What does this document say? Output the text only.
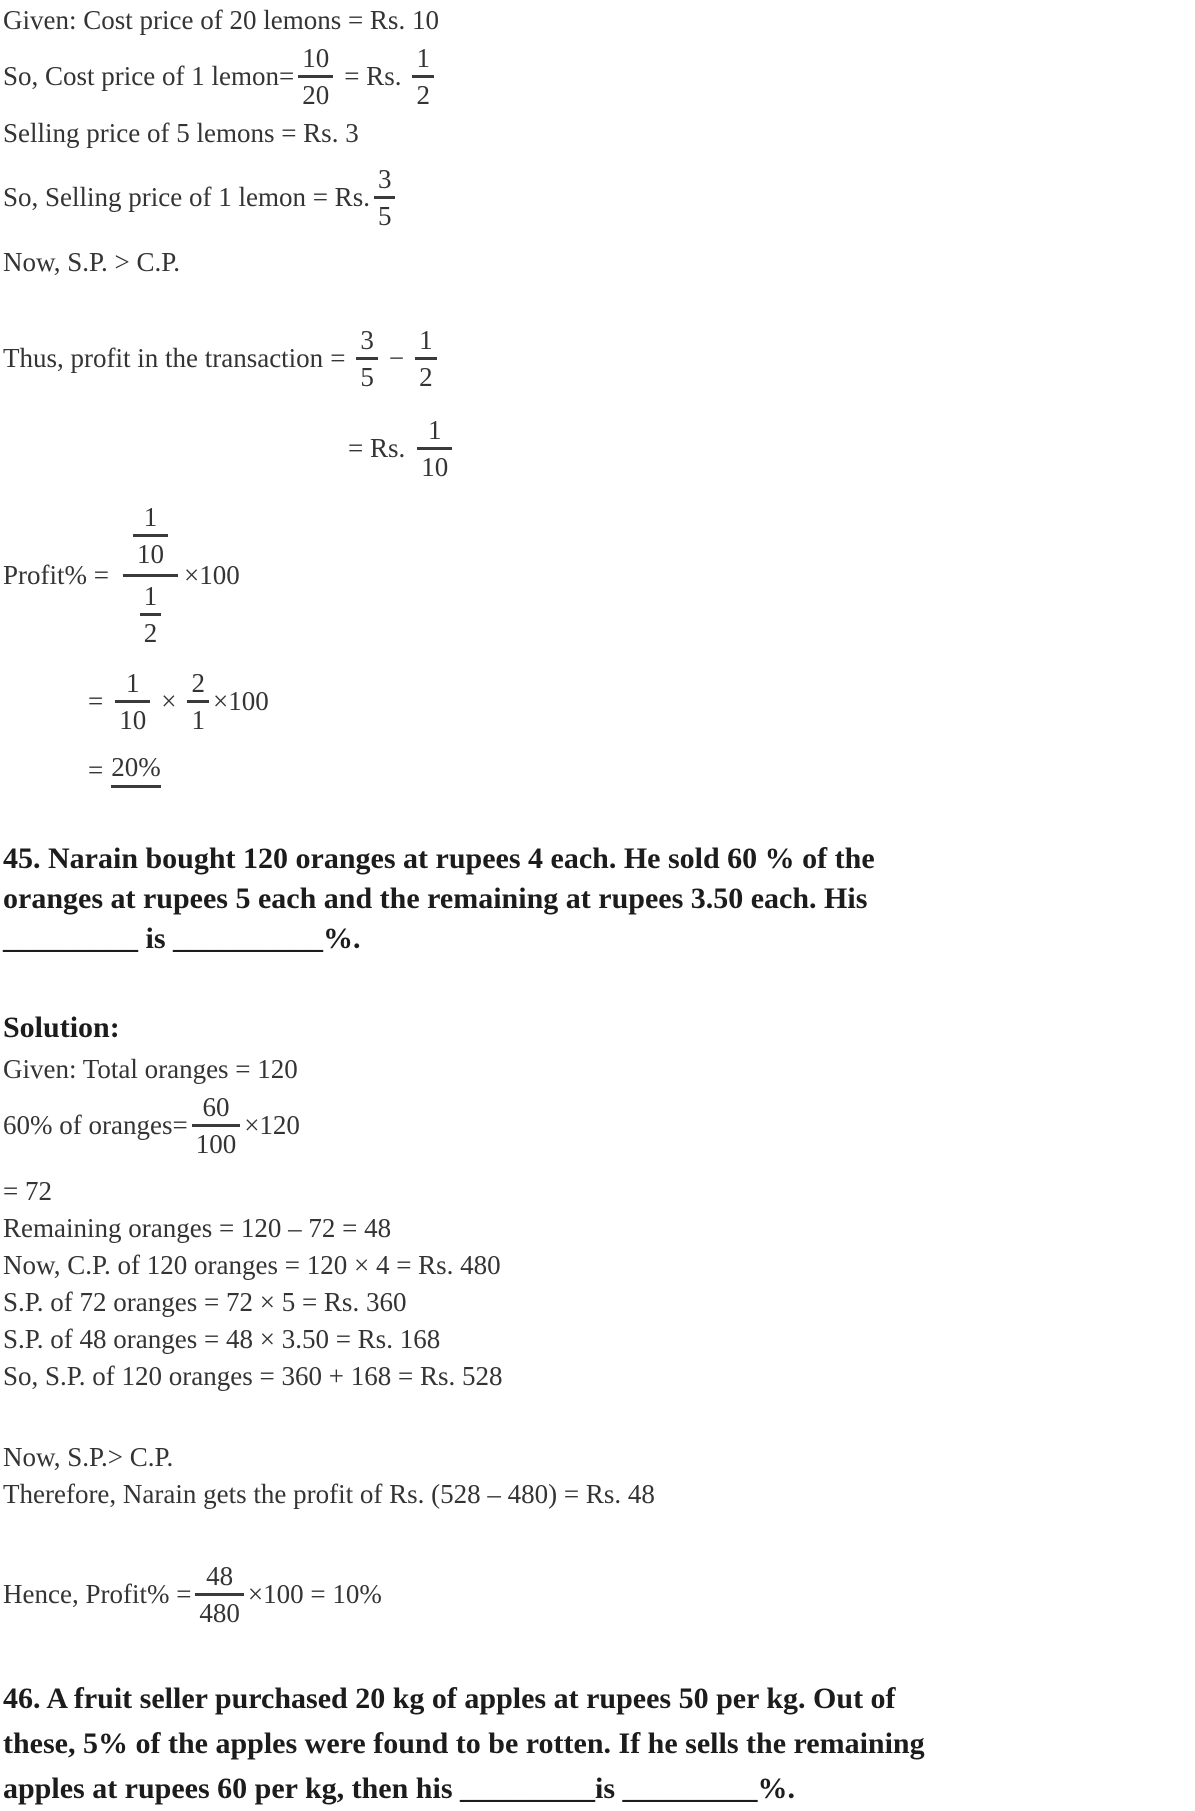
Given: Cost price of 20 lemons = Rs. 10
So, Cost price of 1 lemon= $\frac{10}{20} = Rs$. $\frac{1}{2}$
Selling price of 5 lemons = Rs. 3
So, Selling price of 1 lemon = Rs. $\frac{3}{5}$
Now, S.P. > C.P.
Thus, profit in the transaction = $\frac{3}{5} - \frac{1}{2}$
= Rs. $\frac{1}{10}$
Profit% = $\frac{\frac{1}{10}}{\frac{1}{2}} \times 100$
= $\frac{1}{10} \times \frac{2}{1} \times 100$
= 20%
45. Narain bought 120 oranges at rupees 4 each. He sold 60 % of the
oranges at rupees 5 each and the remaining at rupees 3.50 each. His
_________ is __________%.
Solution:
Given: Total oranges = 120
60% of oranges= $\frac{60}{100} \times 120$
= 72
Remaining oranges = 120 – 72 = 48
Now, C.P. of 120 oranges = 120 × 4 = Rs. 480
S.P. of 72 oranges = 72 × 5 = Rs. 360
S.P. of 48 oranges = 48 × 3.50 = Rs. 168
So, S.P. of 120 oranges = 360 + 168 = Rs. 528
Now, S.P.> C.P.
Therefore, Narain gets the profit of Rs. (528 – 480) = Rs. 48
Hence, Profit% = $\frac{48}{480} \times 100 = 10\%$
46. A fruit seller purchased 20 kg of apples at rupees 50 per kg. Out of
these, 5% of the apples were found to be rotten. If he sells the remaining
apples at rupees 60 per kg, then his _________is _________%.
